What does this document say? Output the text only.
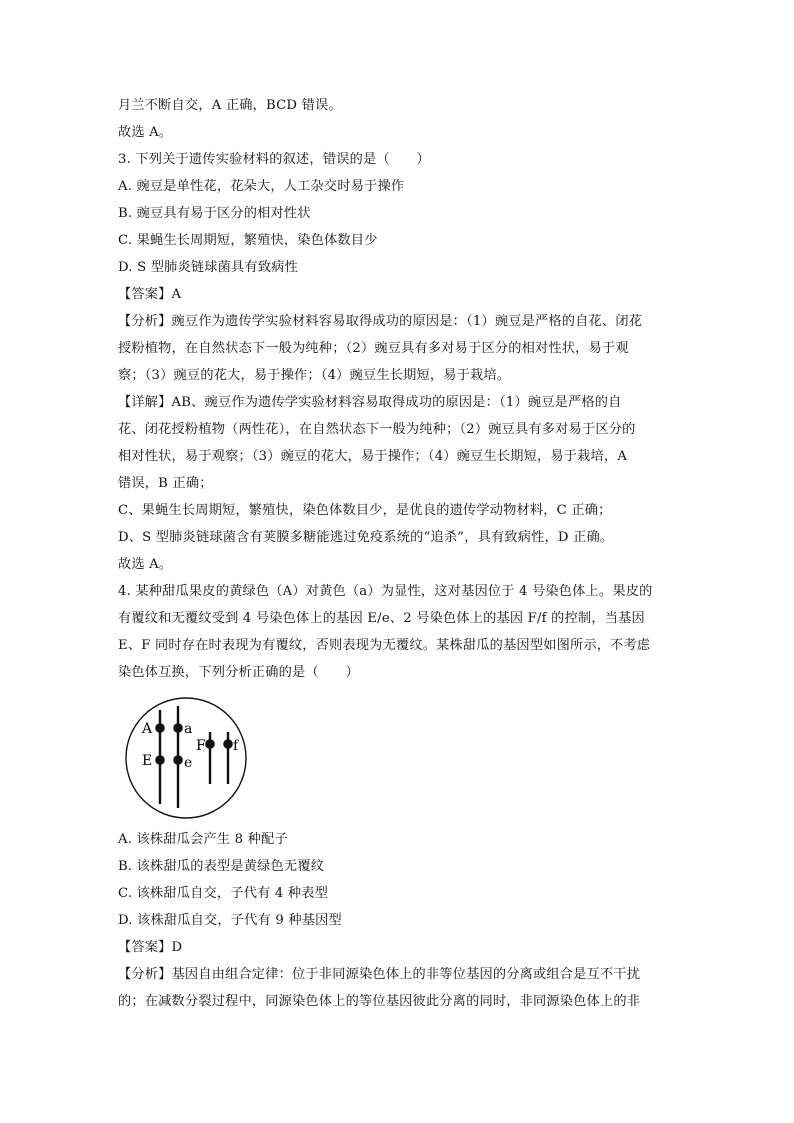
月兰不断自交，A 正确，BCD 错误。
故选 A。
3. 下列关于遗传实验材料的叙述，错误的是（　　）
A. 豌豆是单性花，花朵大，人工杂交时易于操作
B. 豌豆具有易于区分的相对性状
C. 果蝇生长周期短，繁殖快，染色体数目少
D. S 型肺炎链球菌具有致病性
【答案】A
【分析】豌豆作为遗传学实验材料容易取得成功的原因是：（1）豌豆是严格的自花、闭花
授粉植物，在自然状态下一般为纯种；（2）豌豆具有多对易于区分的相对性状，易于观
察；（3）豌豆的花大，易于操作；（4）豌豆生长期短，易于栽培。
【详解】AB、豌豆作为遗传学实验材料容易取得成功的原因是：（1）豌豆是严格的自
花、闭花授粉植物（两性花），在自然状态下一般为纯种；（2）豌豆具有多对易于区分的
相对性状，易于观察；（3）豌豆的花大，易于操作；（4）豌豆生长期短，易于栽培，A
错误，B 正确；
C、果蝇生长周期短，繁殖快，染色体数目少，是优良的遗传学动物材料，C 正确；
D、S 型肺炎链球菌含有荚膜多糖能逃过免疫系统的“追杀”，具有致病性，D 正确。
故选 A。
4. 某种甜瓜果皮的黄绿色（A）对黄色（a）为显性，这对基因位于 4 号染色体上。果皮的
有覆纹和无覆纹受到 4 号染色体上的基因 E/e、2 号染色体上的基因 F/f 的控制，当基因
E、F 同时存在时表现为有覆纹，否则表现为无覆纹。某株甜瓜的基因型如图所示，不考虑
染色体互换，下列分析正确的是（　　）
A a
E e
F f
A. 该株甜瓜会产生 8 种配子
B. 该株甜瓜的表型是黄绿色无覆纹
C. 该株甜瓜自交，子代有 4 种表型
D. 该株甜瓜自交，子代有 9 种基因型
【答案】D
【分析】基因自由组合定律：位于非同源染色体上的非等位基因的分离或组合是互不干扰
的；在减数分裂过程中，同源染色体上的等位基因彼此分离的同时，非同源染色体上的非
